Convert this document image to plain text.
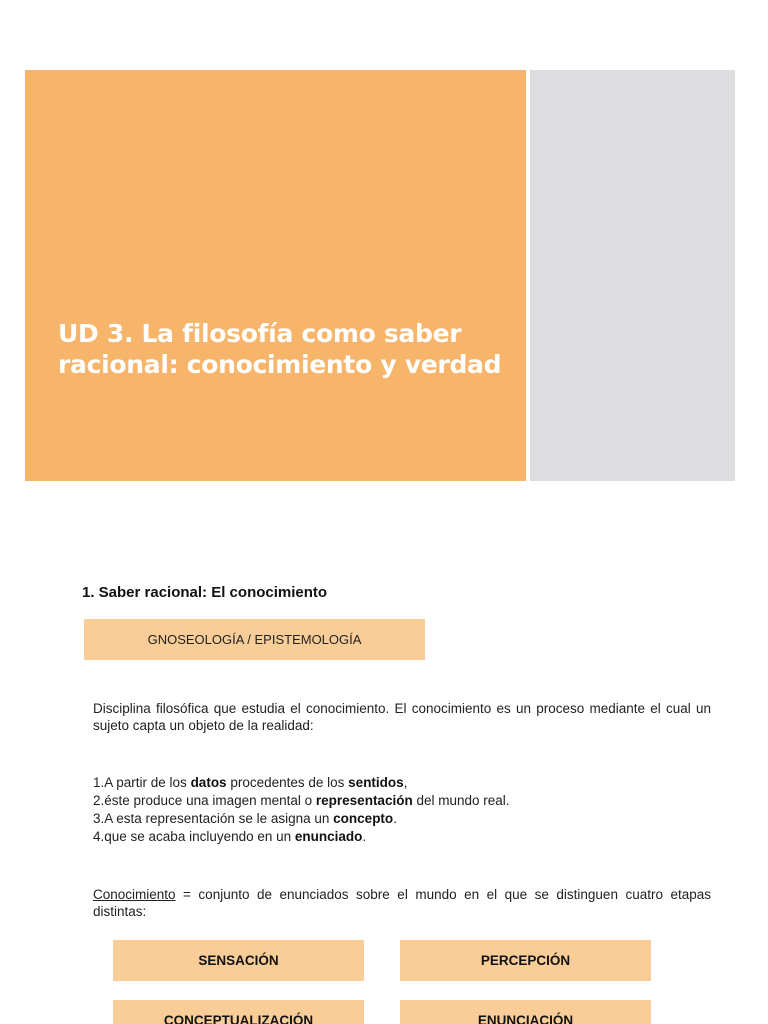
UD 3. La filosofía como saber
racional: conocimiento y verdad
1. Saber racional: El conocimiento
GNOSEOLOGÍA / EPISTEMOLOGÍA

Disciplina filosófica que estudia el conocimiento. El conocimiento es un proceso mediante el cual un sujeto capta un objeto de la realidad:

1.A partir de los datos procedentes de los sentidos,
2.éste produce una imagen mental o representación del mundo real.
3.A esta representación se le asigna un concepto.
4.que se acaba incluyendo en un enunciado.

Conocimiento = conjunto de enunciados sobre el mundo en el que se distinguen cuatro etapas distintas:

SENSACIÓN	PERCEPCIÓN
CONCEPTUALIZACIÓN	ENUNCIACIÓN
